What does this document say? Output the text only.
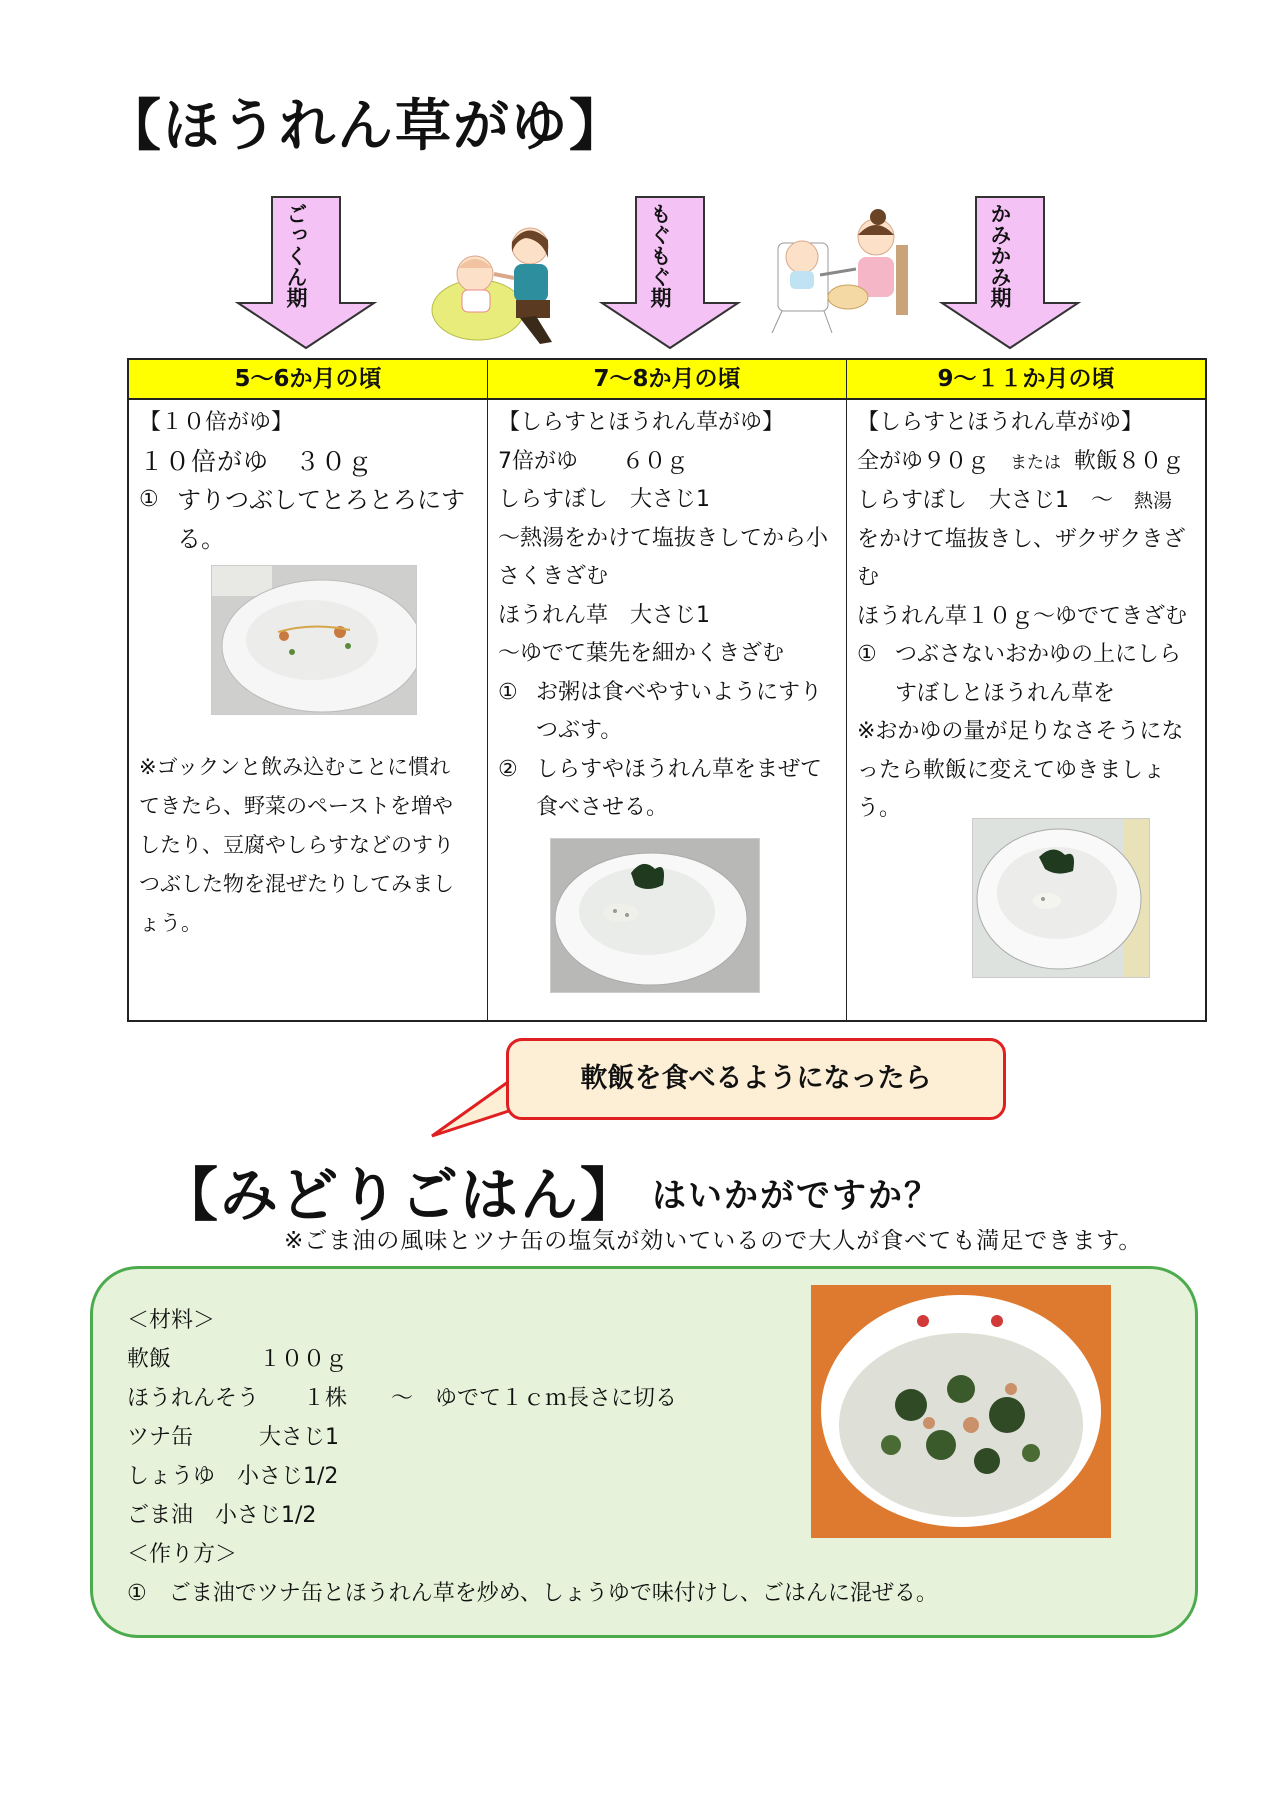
【ほうれん草がゆ】
ごっくん期	もぐもぐ期	かみかみ期
5～6か月の頃

【１０倍がゆ】

１０倍がゆ　３０ｇ

① すりつぶしてとろとろにする。

※ゴックンと飲み込むことに慣れてきたら、野菜のペーストを増やしたり、豆腐やしらすなどのすりつぶした物を混ぜたりしてみましょう。

7～8か月の頃

【しらすとほうれん草がゆ】

7倍がゆ　　６０ｇ

しらすぼし　大さじ1

～熱湯をかけて塩抜きしてから小さくきざむ

ほうれん草　大さじ1

～ゆでて葉先を細かくきざむ

① お粥は食べやすいようにすりつぶす。
② しらすやほうれん草をまぜて食べさせる。
9～１１か月の頃

【しらすとほうれん草がゆ】

全がゆ９０ｇ または 軟飯８０ｇ

しらすぼし　大さじ1　～ 熱湯

をかけて塩抜きし、ザクザクきざむ

ほうれん草１０ｇ～ゆでてきざむ

① つぶさないおかゆの上にしらすぼしとほうれん草を

※おかゆの量が足りなさそうになったら軟飯に変えてゆきましょう。

軟飯を食べるようになったら
【みどりごはん】 はいかがですか？

※ごま油の風味とツナ缶の塩気が効いているので大人が食べても満足できます。

＜材料＞

軟飯　　　　１００ｇ

ほうれんそう　　１株　　～　ゆでて１ｃｍ長さに切る

ツナ缶　　　大さじ1

しょうゆ　小さじ1/2

ごま油　小さじ1/2

＜作り方＞

①　ごま油でツナ缶とほうれん草を炒め、しょうゆで味付けし、ごはんに混ぜる。
